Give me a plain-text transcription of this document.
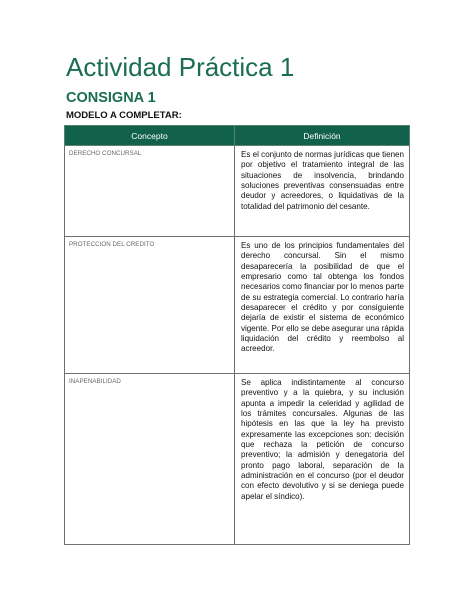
Actividad Práctica 1
CONSIGNA 1
MODELO A COMPLETAR:
Concepto	Definición

DERECHO CONCURSAL	Es el conjunto de normas jurídicas que tienen por objetivo el tratamiento integral de las situaciones de insolvencia, brindando soluciones preventivas consensuadas entre deudor y acreedores, o liquidativas de la totalidad del patrimonio del cesante.

PROTECCION DEL CREDITO	Es uno de los principios fundamentales del derecho concursal. Sin el mismo desaparecería la posibilidad de que el empresario como tal obtenga los fondos necesarios como financiar por lo menos parte de su estrategia comercial. Lo contrario haría desaparecer el crédito y por consiguiente dejaría de existir el sistema de económico vigente. Por ello se debe asegurar una rápida liquidación del crédito y reembolso al acreedor.

INAPENABILIDAD	Se aplica indistintamente al concurso preventivo y a la quiebra, y su inclusión apunta a impedir la celeridad y agilidad de los trámites concursales. Algunas de las hipótesis en las que la ley ha previsto expresamente las excepciones son: decisión que rechaza la petición de concurso preventivo; la admisión y denegatoria del pronto pago laboral, separación de la administración en el concurso (por el deudor con efecto devolutivo y si se deniega puede apelar el síndico).
